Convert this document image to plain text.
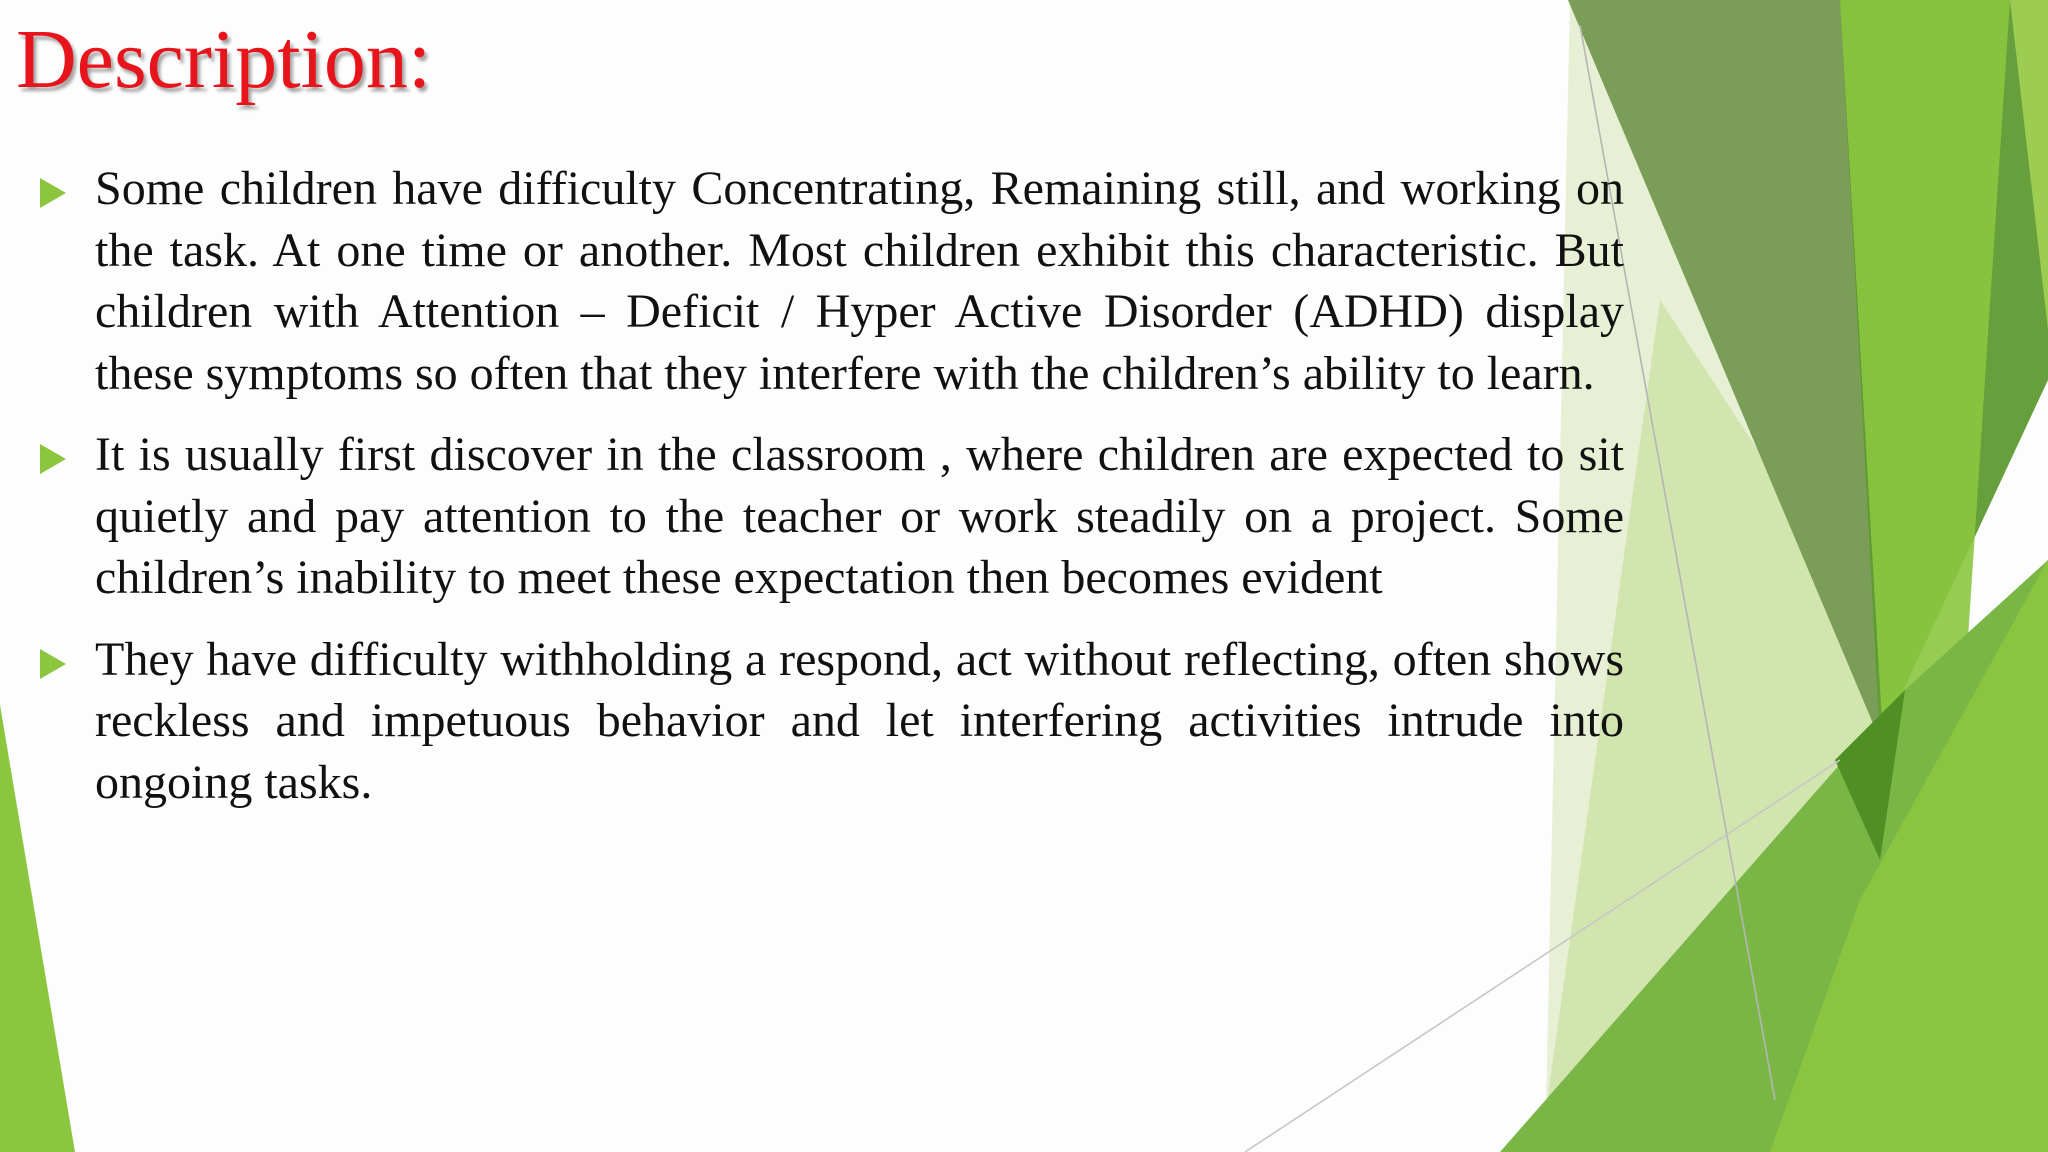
Description:
Some children have difficulty Concentrating, Remaining still, and working on the task. At one time or another. Most children exhibit this characteristic. But children with Attention – Deficit / Hyper Active Disorder (ADHD) display these symptoms so often that they interfere with the children’s ability to learn.
It is usually first discover in the classroom , where children are expected to sit quietly and pay attention to the teacher or work steadily on a project. Some children’s inability to meet these expectation then becomes evident
They have difficulty withholding a respond, act without reflecting, often shows reckless and impetuous behavior and let interfering activities intrude into ongoing tasks.
